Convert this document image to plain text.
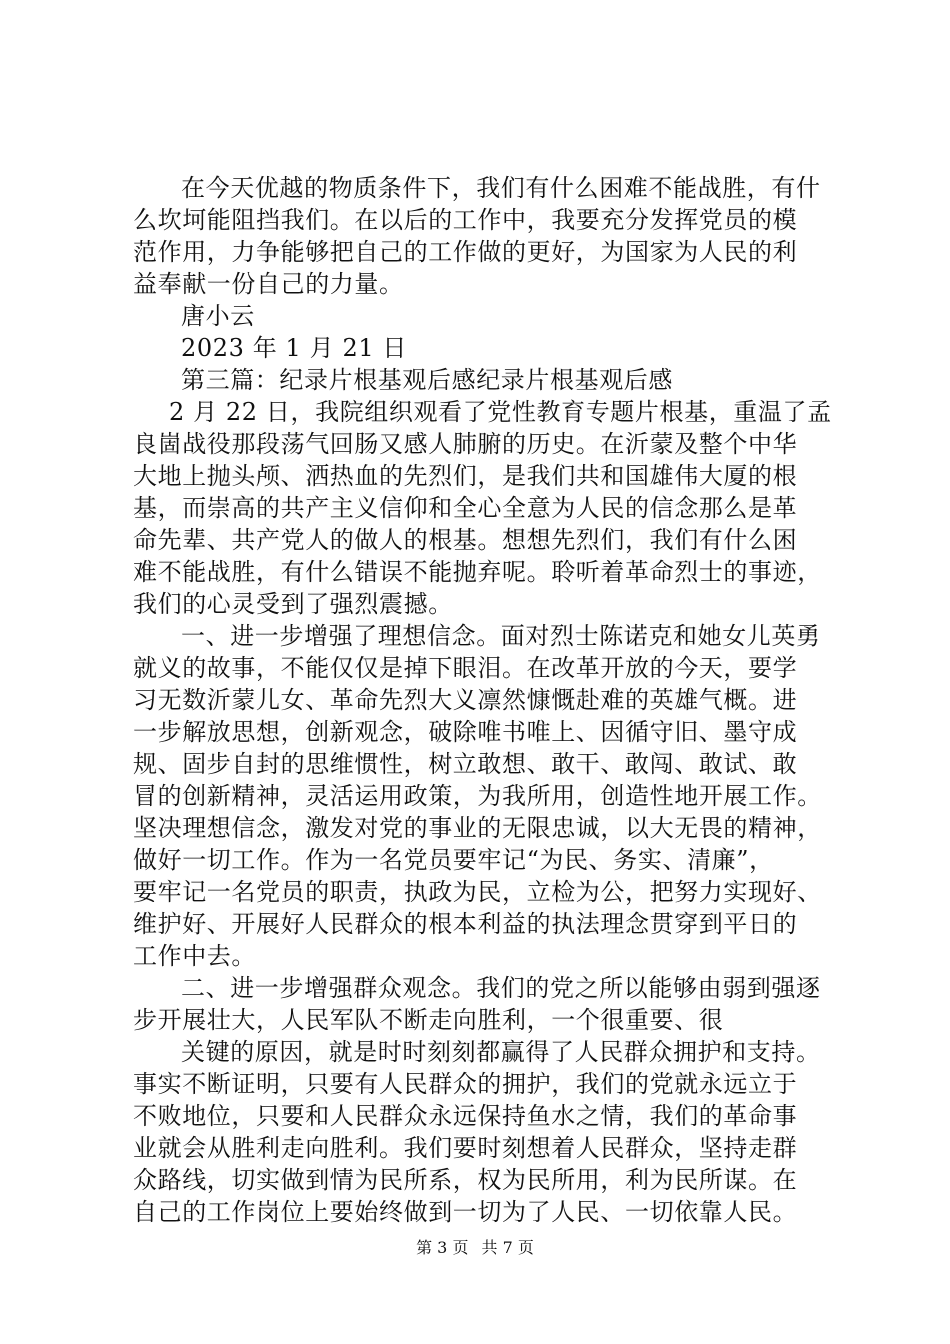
在今天优越的物质条件下，我们有什么困难不能战胜，有什
么坎坷能阻挡我们。在以后的工作中，我要充分发挥党员的模
范作用，力争能够把自己的工作做的更好，为国家为人民的利
益奉献一份自己的力量。
唐小云
2023 年 1 月 21 日
第三篇：纪录片根基观后感纪录片根基观后感
2 月 22 日，我院组织观看了党性教育专题片根基，重温了孟
良崮战役那段荡气回肠又感人肺腑的历史。在沂蒙及整个中华
大地上抛头颅、洒热血的先烈们，是我们共和国雄伟大厦的根
基，而崇高的共产主义信仰和全心全意为人民的信念那么是革
命先辈、共产党人的做人的根基。想想先烈们，我们有什么困
难不能战胜，有什么错误不能抛弃呢。聆听着革命烈士的事迹，
我们的心灵受到了强烈震撼。
一、进一步增强了理想信念。面对烈士陈诺克和她女儿英勇
就义的故事，不能仅仅是掉下眼泪。在改革开放的今天，要学
习无数沂蒙儿女、革命先烈大义凛然慷慨赴难的英雄气概。进
一步解放思想，创新观念，破除唯书唯上、因循守旧、墨守成
规、固步自封的思维惯性，树立敢想、敢干、敢闯、敢试、敢
冒的创新精神，灵活运用政策，为我所用，创造性地开展工作。
坚决理想信念，激发对党的事业的无限忠诚，以大无畏的精神，
做好一切工作。作为一名党员要牢记“为民、务实、清廉”，
要牢记一名党员的职责，执政为民，立检为公，把努力实现好、
维护好、开展好人民群众的根本利益的执法理念贯穿到平日的
工作中去。
二、进一步增强群众观念。我们的党之所以能够由弱到强逐
步开展壮大，人民军队不断走向胜利，一个很重要、很
关键的原因，就是时时刻刻都赢得了人民群众拥护和支持。
事实不断证明，只要有人民群众的拥护，我们的党就永远立于
不败地位，只要和人民群众永远保持鱼水之情，我们的革命事
业就会从胜利走向胜利。我们要时刻想着人民群众，坚持走群
众路线，切实做到情为民所系，权为民所用，利为民所谋。在
自己的工作岗位上要始终做到一切为了人民、一切依靠人民。
第 3 页 共 7 页
